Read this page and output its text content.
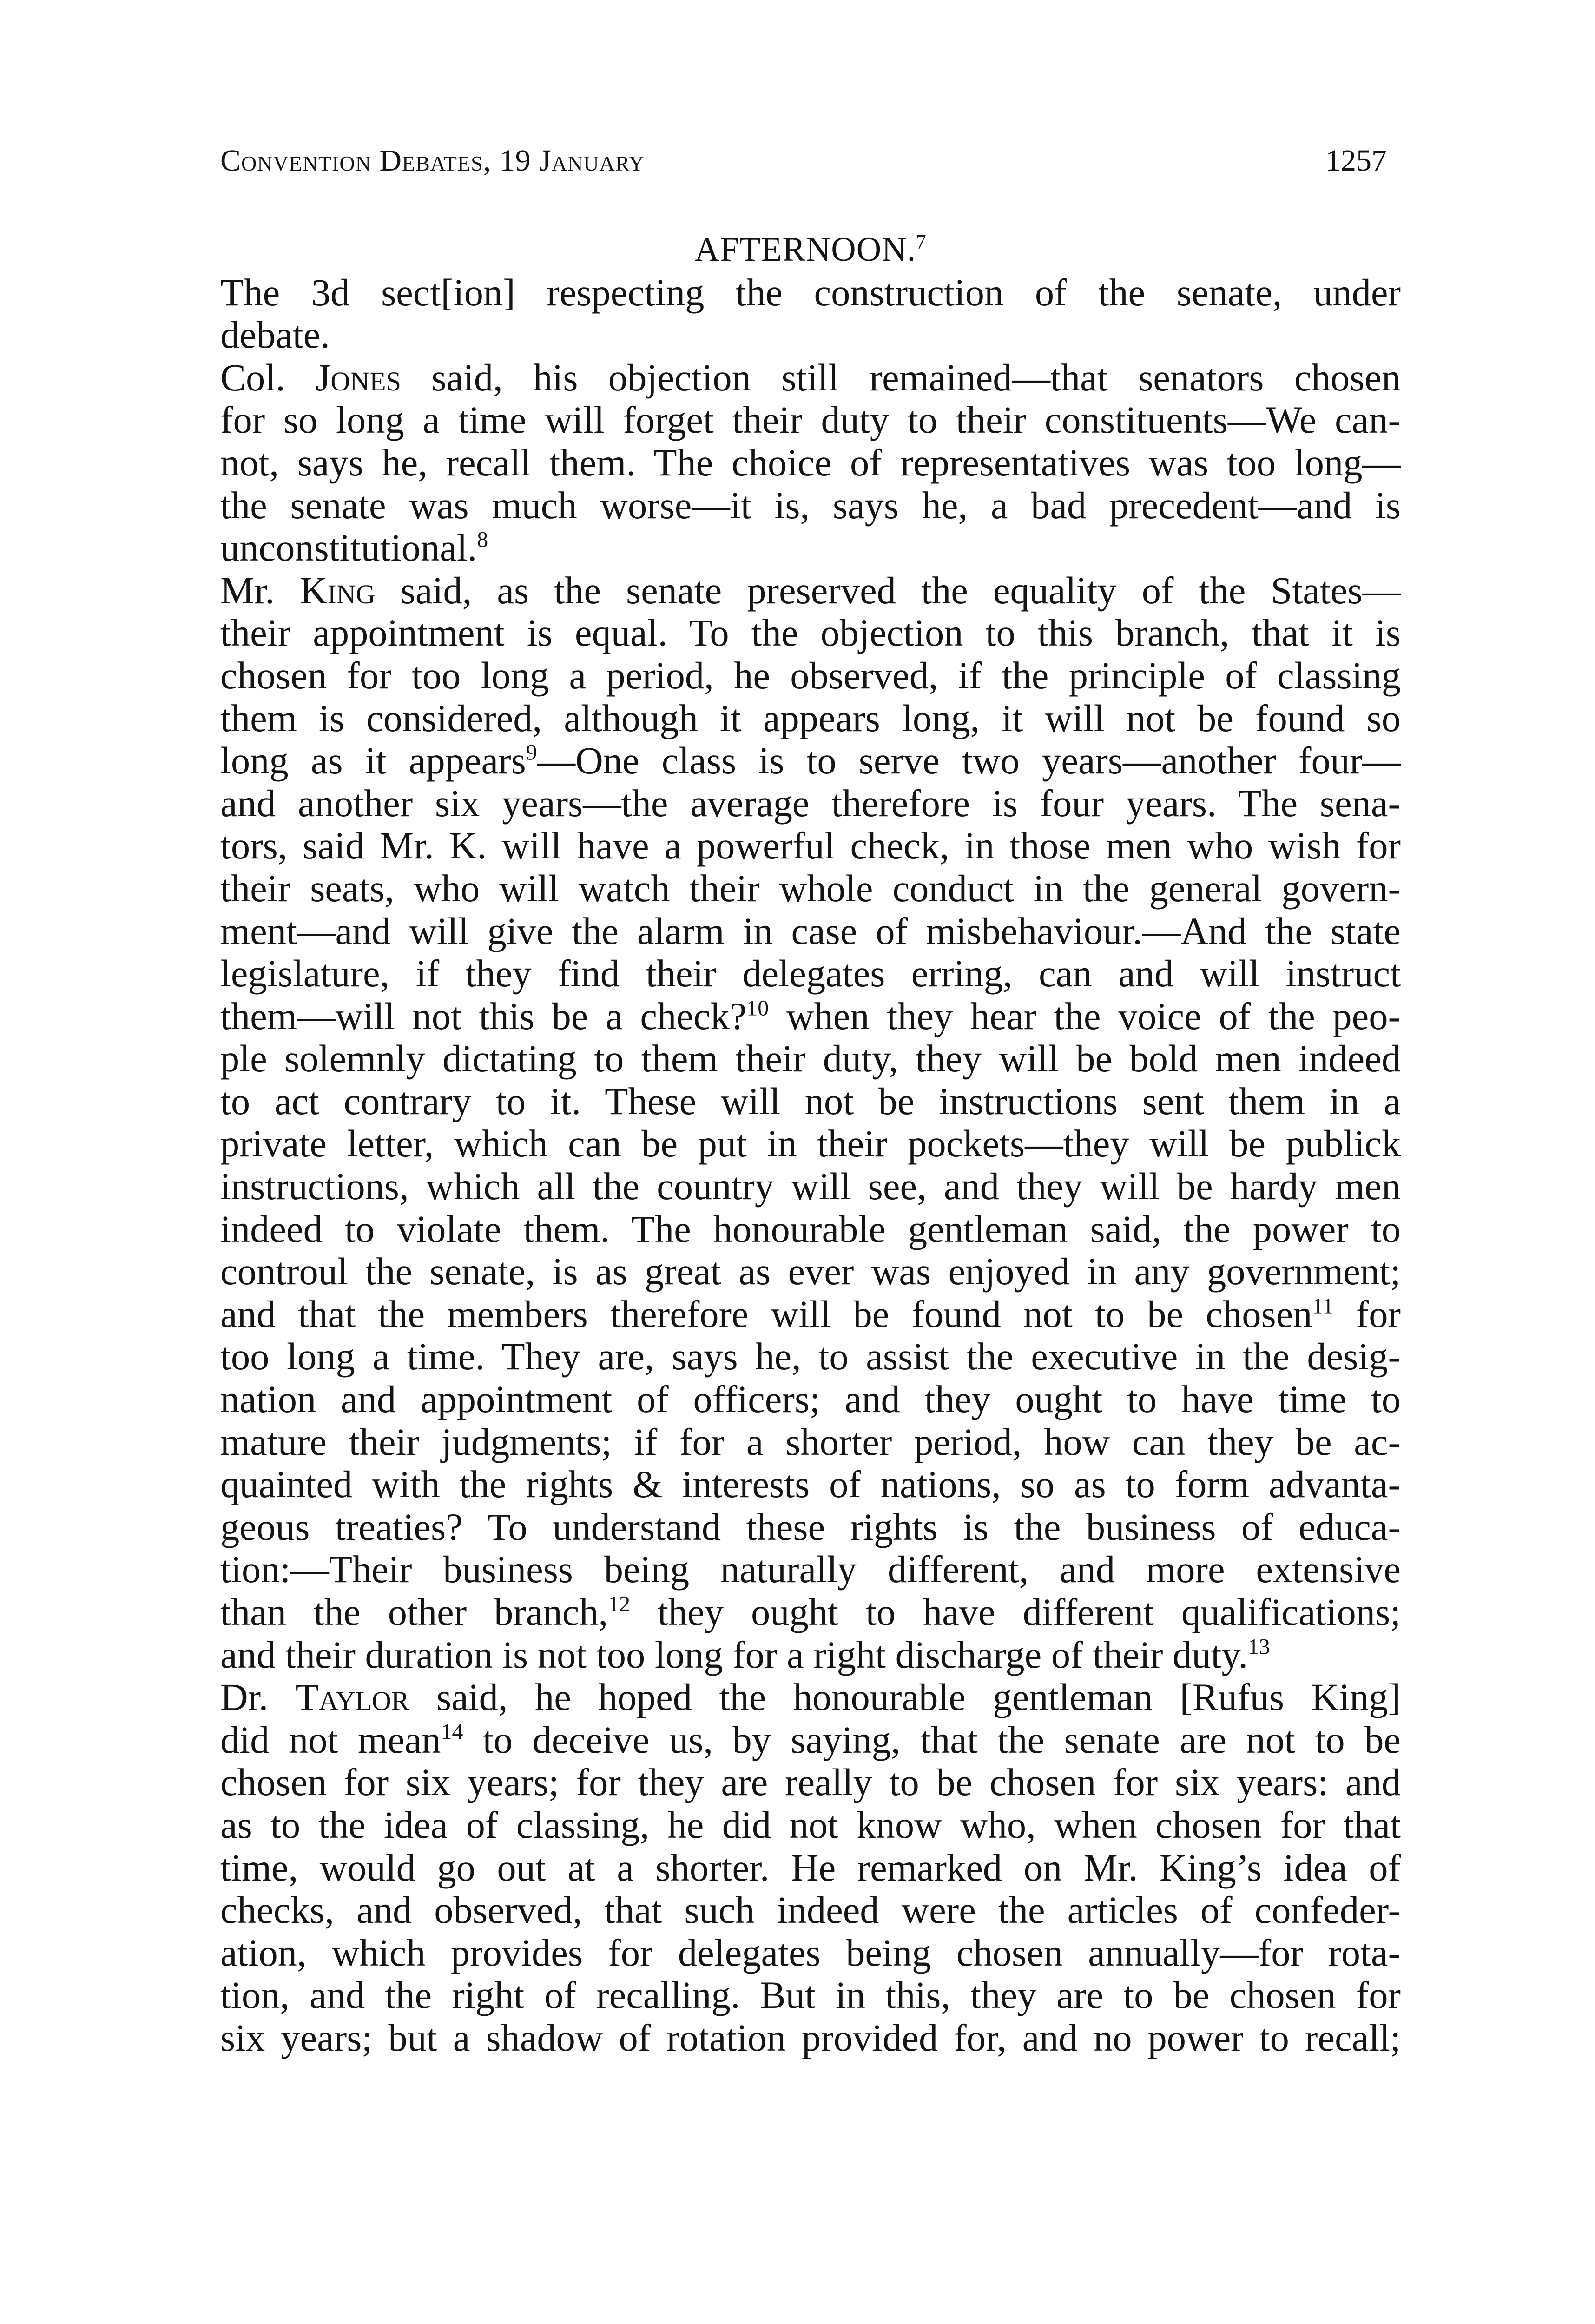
Convention Debates, 19 January	1257

AFTERNOON.$^7$

The 3d sect[ion] respecting the construction of the senate, under
debate.

Col. Jones said, his objection still remained—that senators chosen
for so long a time will forget their duty to their constituents—We can-
not, says he, recall them. The choice of representatives was too long—
the senate was much worse—it is, says he, a bad precedent—and is
unconstitutional.$^8$

Mr. King said, as the senate preserved the equality of the States—
their appointment is equal. To the objection to this branch, that it is
chosen for too long a period, he observed, if the principle of classing
them is considered, although it appears long, it will not be found so
long as it appears$^9$—One class is to serve two years—another four—
and another six years—the average therefore is four years. The sena-
tors, said Mr. K. will have a powerful check, in those men who wish for
their seats, who will watch their whole conduct in the general govern-
ment—and will give the alarm in case of misbehaviour.—And the state
legislature, if they find their delegates erring, can and will instruct
them—will not this be a check?$^{10}$ when they hear the voice of the peo-
ple solemnly dictating to them their duty, they will be bold men indeed
to act contrary to it. These will not be instructions sent them in a
private letter, which can be put in their pockets—they will be publick
instructions, which all the country will see, and they will be hardy men
indeed to violate them. The honourable gentleman said, the power to
controul the senate, is as great as ever was enjoyed in any government;
and that the members therefore will be found not to be chosen$^{11}$ for
too long a time. They are, says he, to assist the executive in the desig-
nation and appointment of officers; and they ought to have time to
mature their judgments; if for a shorter period, how can they be ac-
quainted with the rights & interests of nations, so as to form advanta-
geous treaties? To understand these rights is the business of educa-
tion:—Their business being naturally different, and more extensive
than the other branch,$^{12}$ they ought to have different qualifications;
and their duration is not too long for a right discharge of their duty.$^{13}$

Dr. Taylor said, he hoped the honourable gentleman [Rufus King]
did not mean$^{14}$ to deceive us, by saying, that the senate are not to be
chosen for six years; for they are really to be chosen for six years: and
as to the idea of classing, he did not know who, when chosen for that
time, would go out at a shorter. He remarked on Mr. King’s idea of
checks, and observed, that such indeed were the articles of confeder-
ation, which provides for delegates being chosen annually—for rota-
tion, and the right of recalling. But in this, they are to be chosen for
six years; but a shadow of rotation provided for, and no power to recall;
